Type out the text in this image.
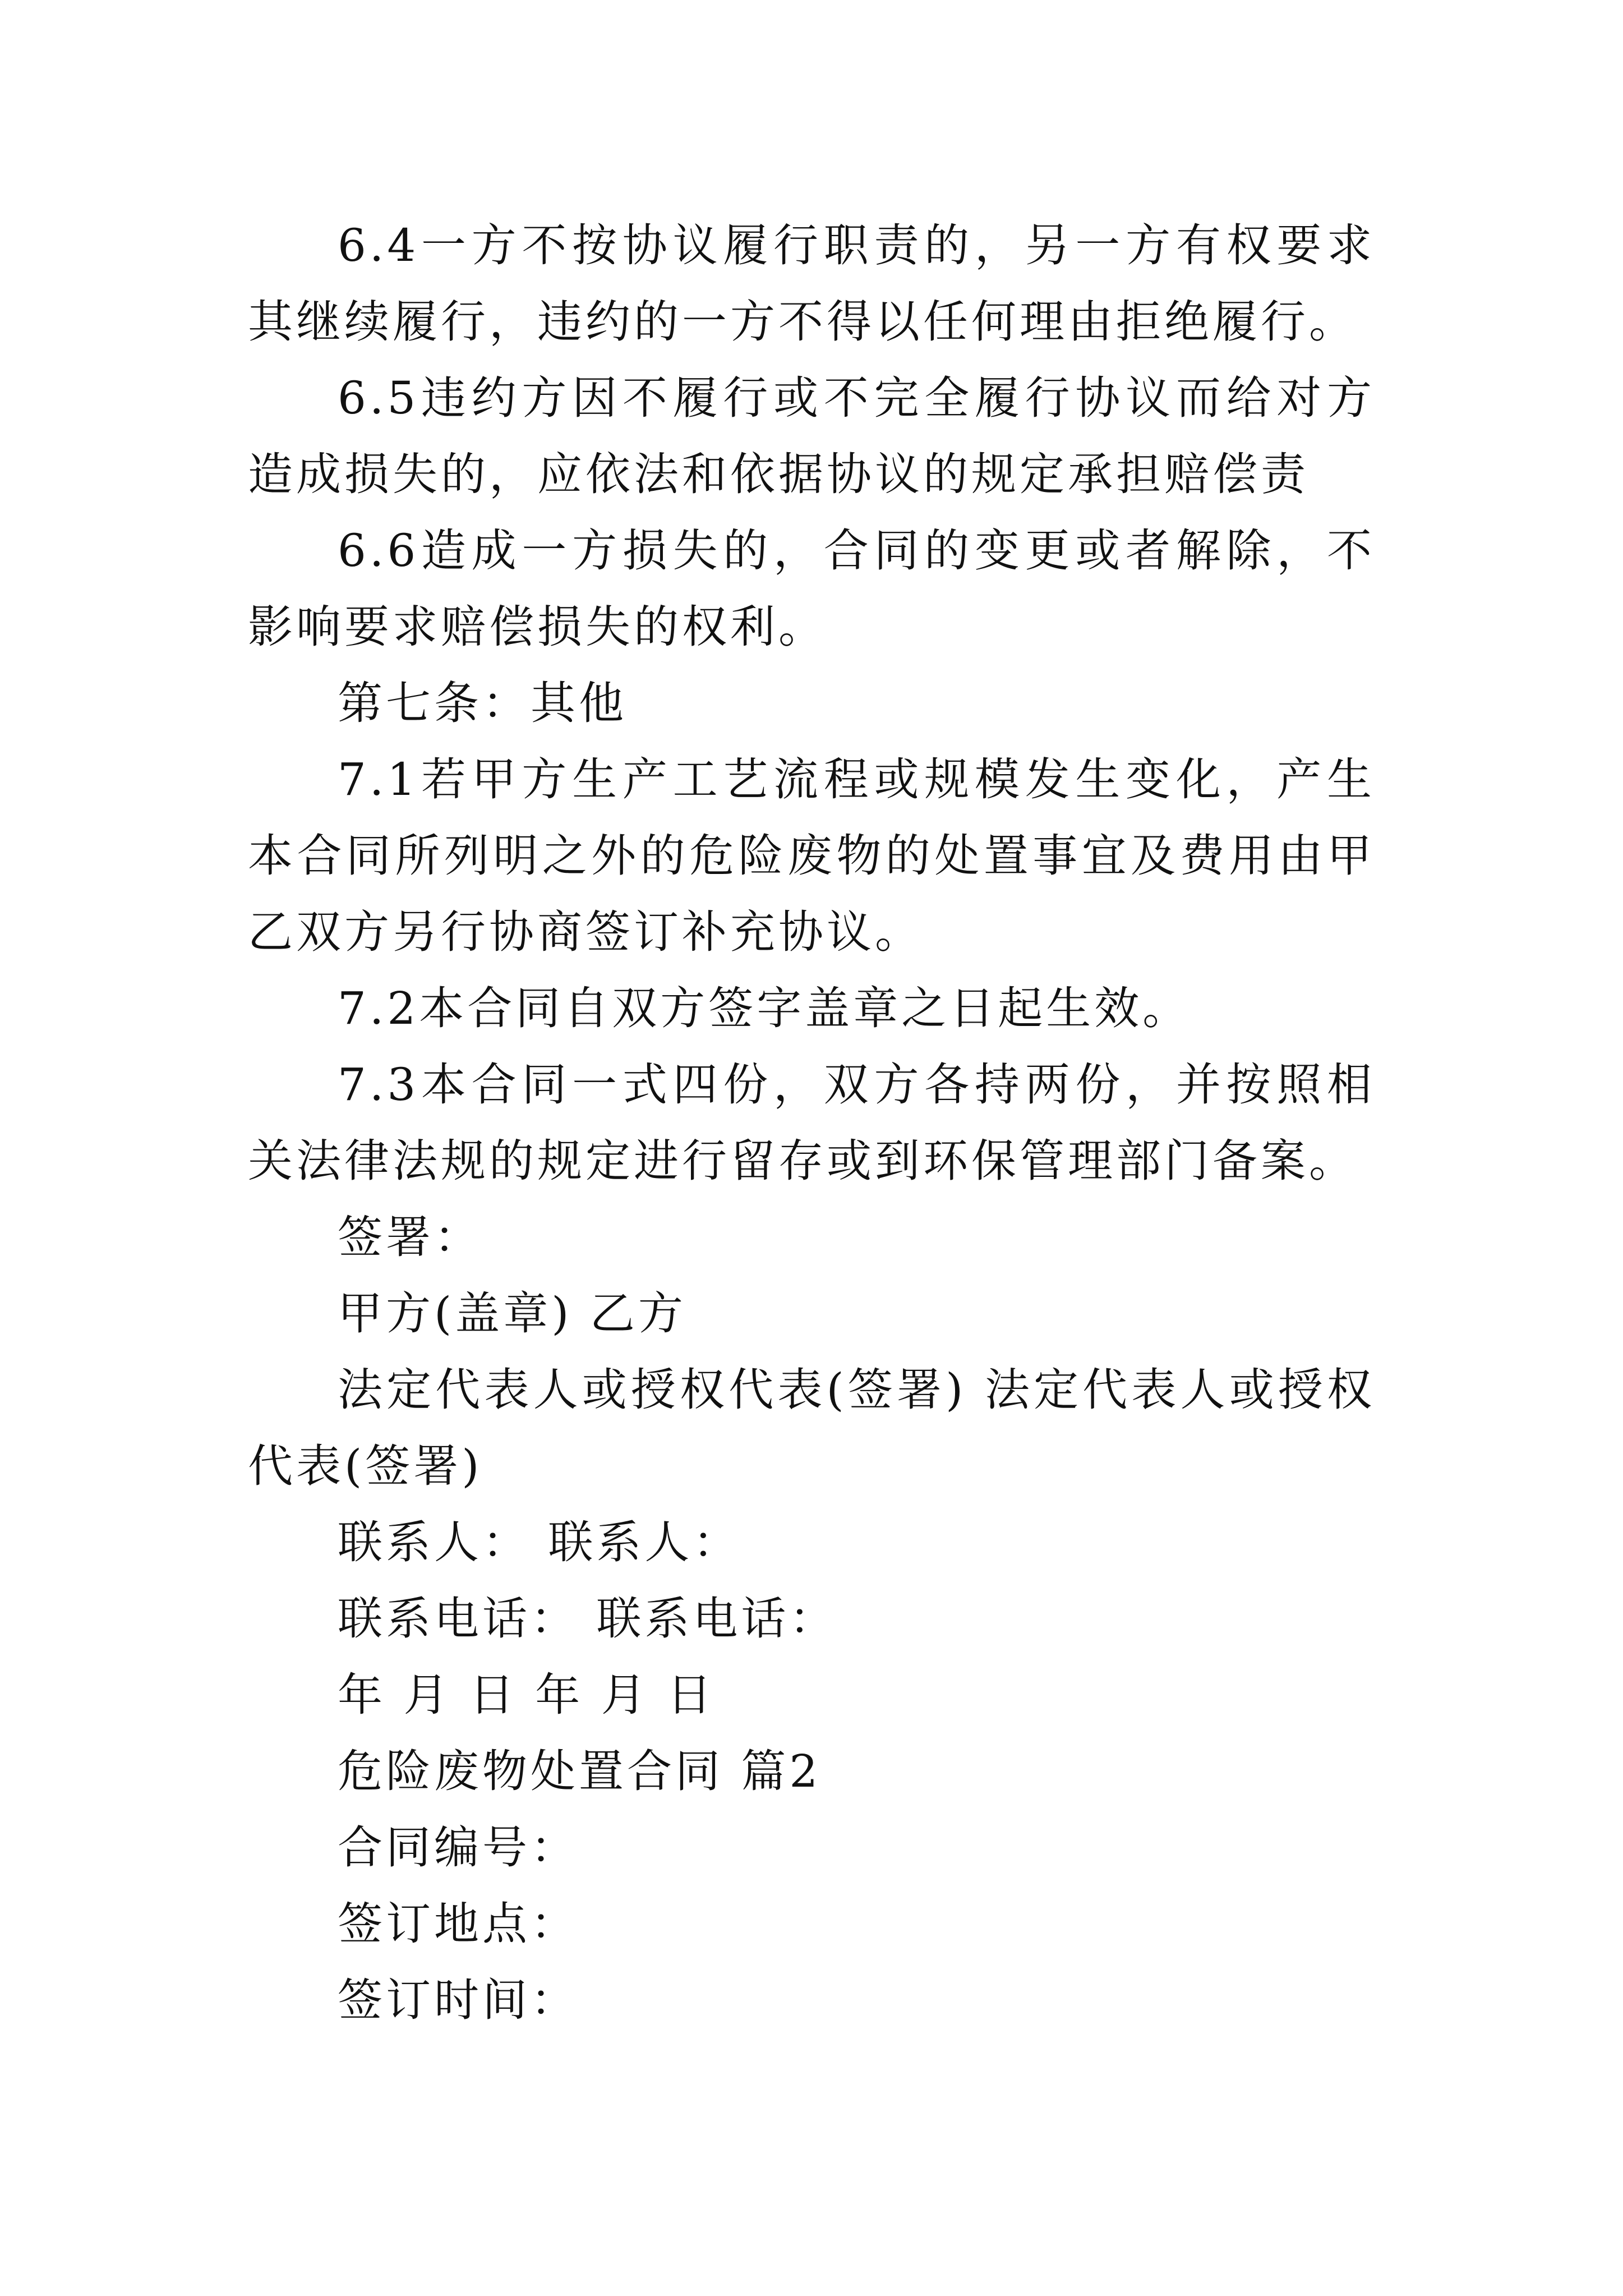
6.4一方不按协议履行职责的，另一方有权要求其继续履行，违约的一方不得以任何理由拒绝履行。

6.5违约方因不履行或不完全履行协议而给对方造成损失的，应依法和依据协议的规定承担赔偿责

6.6造成一方损失的，合同的变更或者解除，不影响要求赔偿损失的权利。

第七条：其他

7.1若甲方生产工艺流程或规模发生变化，产生本合同所列明之外的危险废物的处置事宜及费用由甲乙双方另行协商签订补充协议。

7.2本合同自双方签字盖章之日起生效。

7.3本合同一式四份，双方各持两份，并按照相关法律法规的规定进行留存或到环保管理部门备案。

签署：

甲方(盖章) 乙方

法定代表人或授权代表(签署) 法定代表人或授权代表(签署)

联系人： 联系人：

联系电话： 联系电话：

年 月 日 年 月 日

危险废物处置合同 篇2

合同编号：

签订地点：

签订时间：
